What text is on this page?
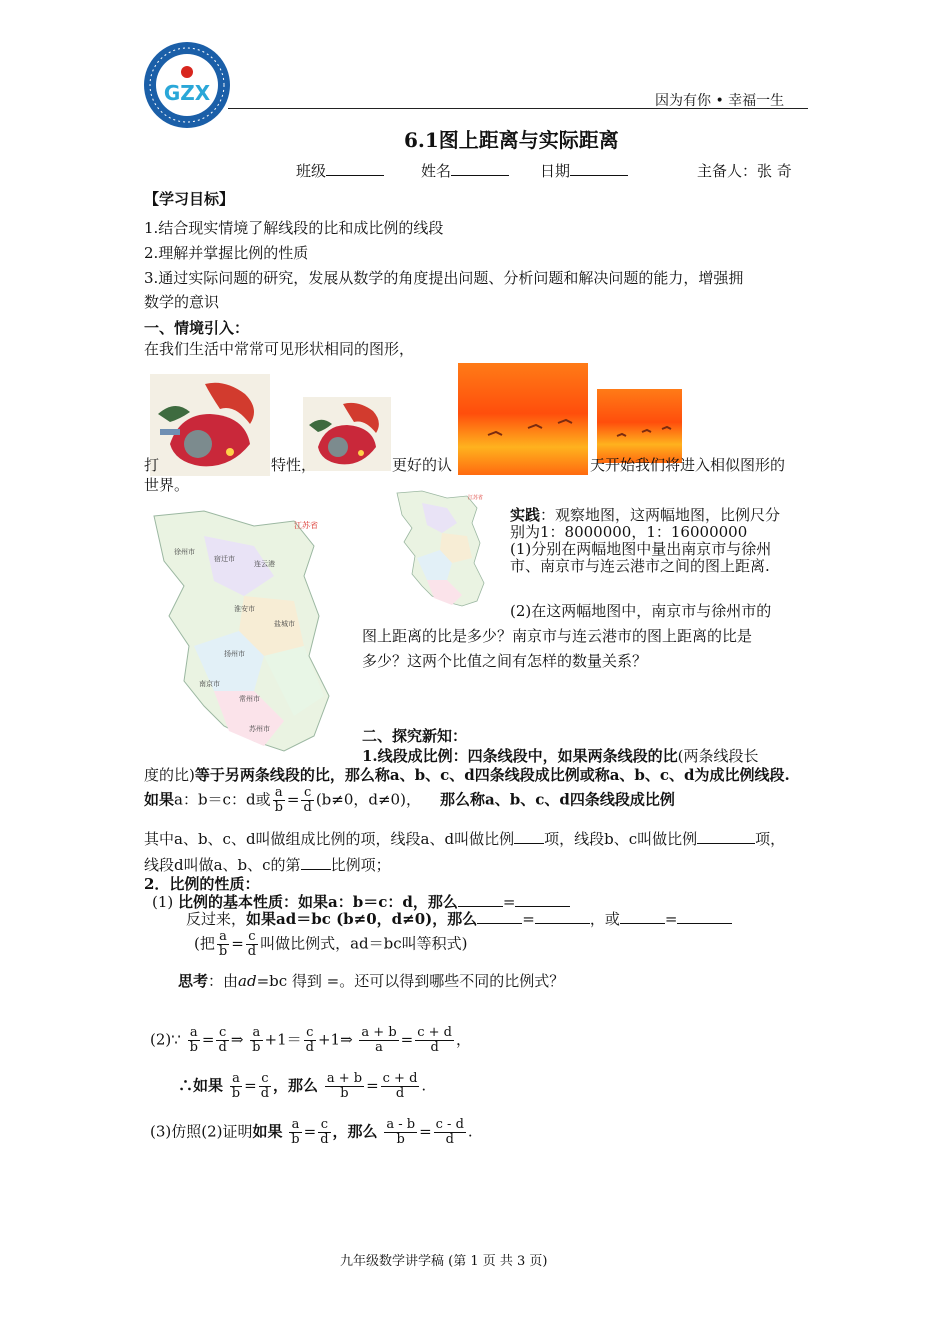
GZX	因为有你 • 幸福一生
6.1图上距离与实际距离
班级	姓名	日期	主备人：张 奇
【学习目标】
1.结合现实情境了解线段的比和成比例的线段
2.理解并掌握比例的性质
3.通过实际问题的研究，发展从数学的角度提出问题、分析问题和解决问题的能力，增强拥
数学的意识
一、情境引入：
在我们生活中常常可见形状相同的图形，
打	特性，	更好的认	天开始我们将进入相似图形的
世界。
徐州市
宿迁市
连云港
淮安市
盐城市
扬州市
南京市
常州市
苏州市
江苏省
江苏省
实践：观察地图，这两幅地图，比例尺分
别为1：8000000，1：16000000
(1)分别在两幅地图中量出南京市与徐州
市、南京市与连云港市之间的图上距离.
(2)在这两幅地图中，南京市与徐州市的
图上距离的比是多少？南京市与连云港市的图上距离的比是
多少？这两个比值之间有怎样的数量关系？
二、探究新知：
1.线段成比例：四条线段中，如果两条线段的比(两条线段长
度的比)等于另两条线段的比，那么称a、b、c、d四条线段成比例或称a、b、c、d为成比例线段.
如果a：b＝c：d或 $\frac{a}{b} = \frac{c}{d} (b\ne 0$，d≠0)， 那么称a、b、c、d四条线段成比例
其中a、b、c、d叫做组成比例的项，线段a、d叫做比例 项，线段b、c叫做比例	项，
线段d叫做a、b、c的第 比例项；
2．比例的性质：
(1) 比例的基本性质：如果a：b＝c：d，那么	=
反过来，如果ad＝bc (b≠0，d≠0)，那么	=	，或	=
(把 $\frac{a}{b} = \frac{c}{d}$ 叫做比例式，ad＝bc叫等积式)
思考：由ad=bc 得到 =。还可以得到哪些不同的比例式？
(2)∵ $\frac{a}{b} = \frac{c}{d}$ ⇒ $\frac{a}{b} +1= \frac{c}{d}$ +1⇒ $\frac{a + b}{a} = \frac{c + d}{d}$ ，
∴如果 $\frac{a}{b} = \frac{c}{d}$ ，那么 $\frac{a + b}{b} = \frac{c + d}{d}$ .
(3)仿照(2)证明如果 $\frac{a}{b} = \frac{c}{d}$ ，那么 $\frac{a - b}{b} = \frac{c - d}{d}$ .
九年级数学讲学稿 (第 1 页 共 3 页)
